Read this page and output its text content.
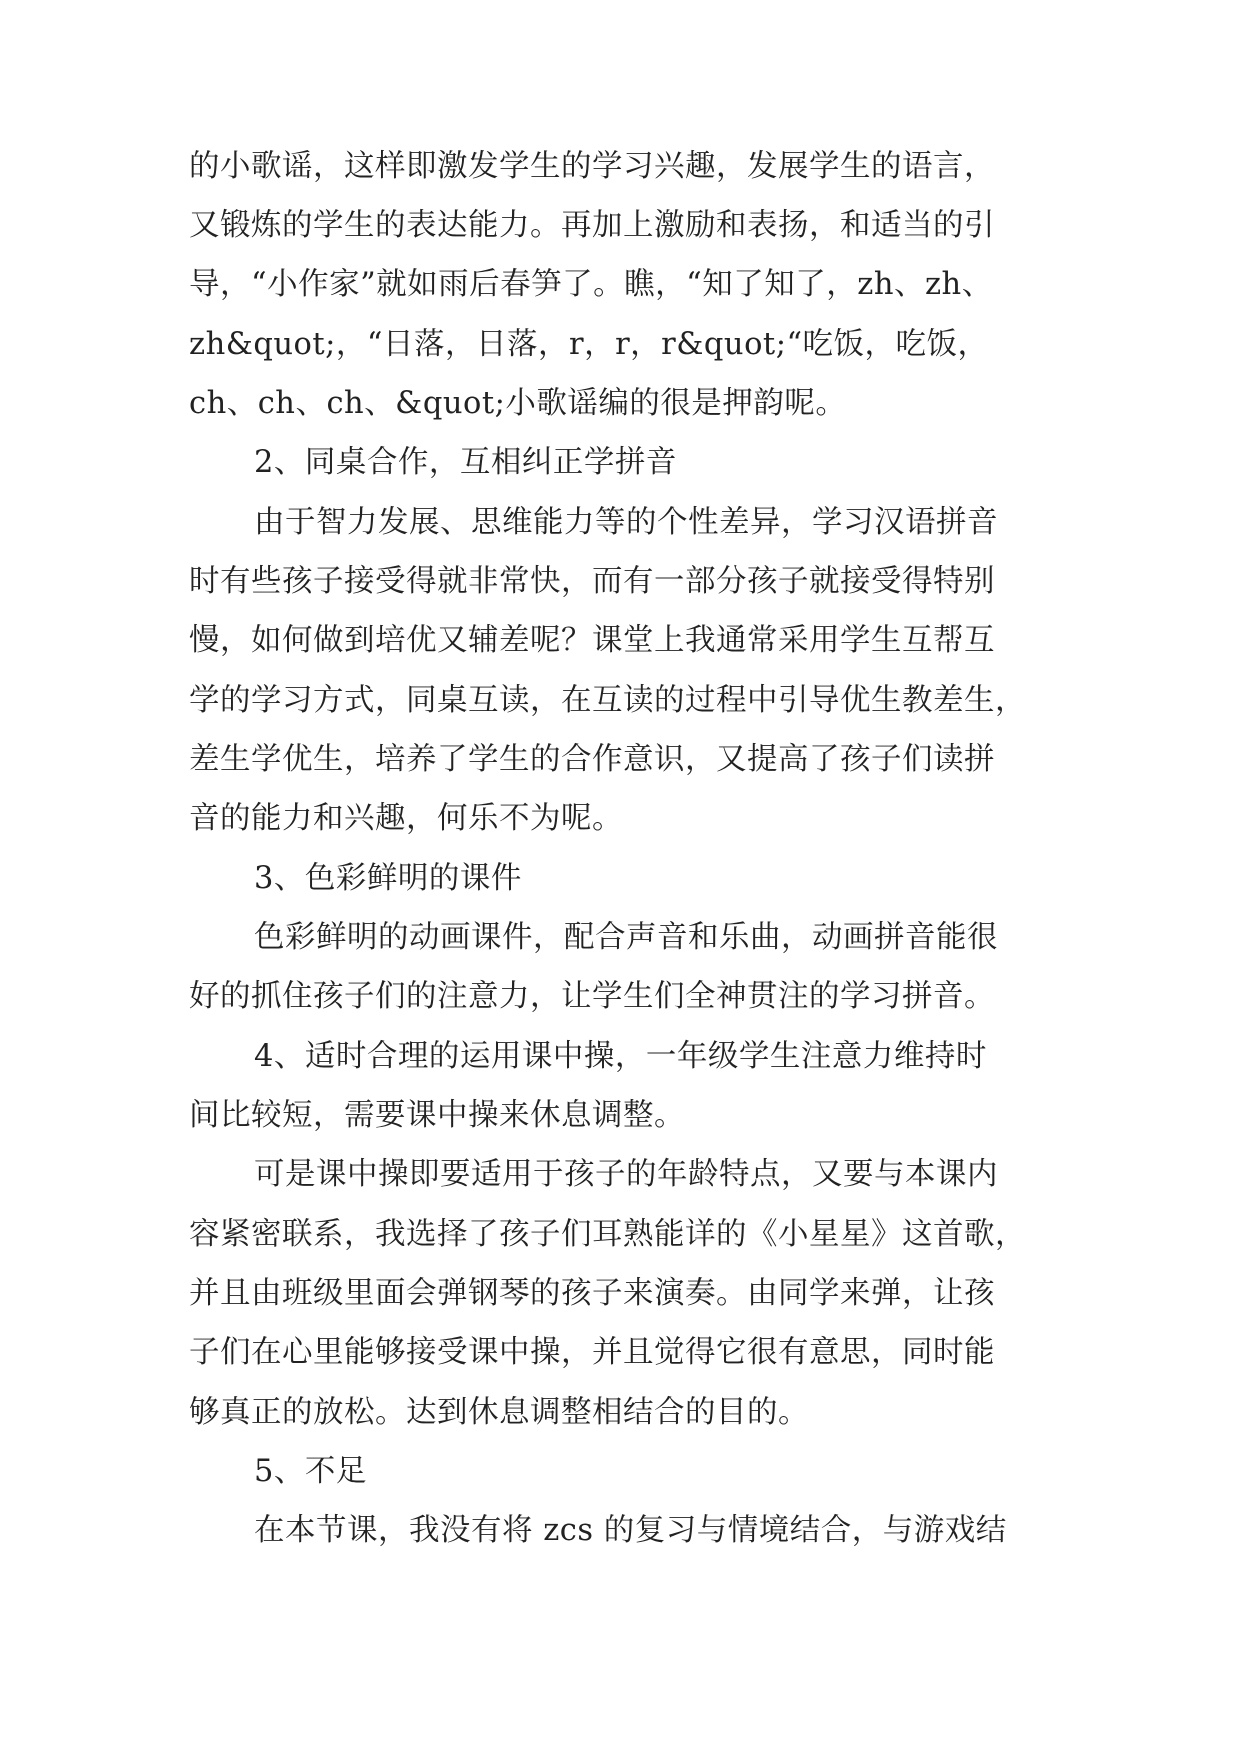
的小歌谣，这样即激发学生的学习兴趣，发展学生的语言，
又锻炼的学生的表达能力。再加上激励和表扬，和适当的引
导，“小作家”就如雨后春笋了。瞧，“知了知了，zh、zh、
zh&quot;，“日落，日落，r，r，r&quot;“吃饭，吃饭，
ch、ch、ch、&quot;小歌谣编的很是押韵呢。
2、同桌合作，互相纠正学拼音
由于智力发展、思维能力等的个性差异，学习汉语拼音
时有些孩子接受得就非常快，而有一部分孩子就接受得特别
慢，如何做到培优又辅差呢？课堂上我通常采用学生互帮互
学的学习方式，同桌互读，在互读的过程中引导优生教差生，
差生学优生，培养了学生的合作意识，又提高了孩子们读拼
音的能力和兴趣，何乐不为呢。
3、色彩鲜明的课件
色彩鲜明的动画课件，配合声音和乐曲，动画拼音能很
好的抓住孩子们的注意力，让学生们全神贯注的学习拼音。
4、适时合理的运用课中操，一年级学生注意力维持时
间比较短，需要课中操来休息调整。
可是课中操即要适用于孩子的年龄特点，又要与本课内
容紧密联系，我选择了孩子们耳熟能详的《小星星》这首歌，
并且由班级里面会弹钢琴的孩子来演奏。由同学来弹，让孩
子们在心里能够接受课中操，并且觉得它很有意思，同时能
够真正的放松。达到休息调整相结合的目的。
5、不足
在本节课，我没有将 zcs 的复习与情境结合，与游戏结
